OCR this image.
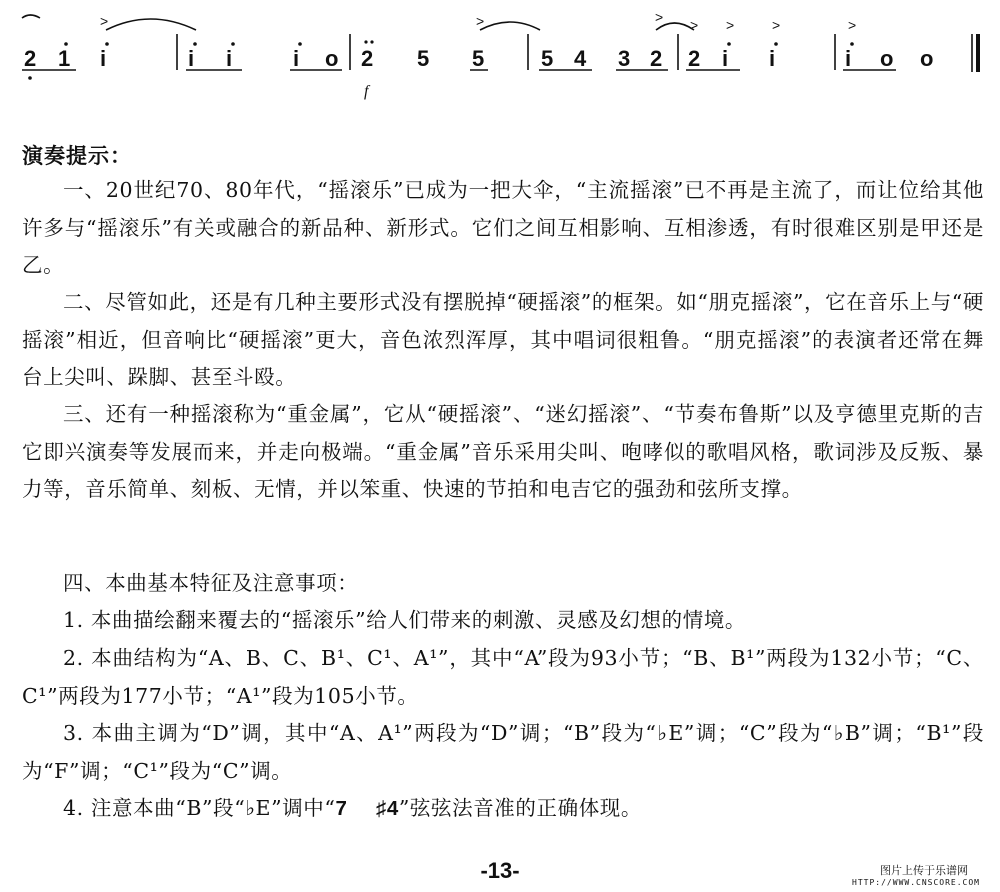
2 1 i	i i	i o 2 5 5	5 4 3 2 2 i i	i o o
>	>	> > >	>	>
f
演奏提示：

一、20世纪70、80年代，“摇滚乐”已成为一把大伞，“主流摇滚”已不再是主流了，而让位给其他许多与“摇滚乐”有关或融合的新品种、新形式。它们之间互相影响、互相渗透，有时很难区别是甲还是乙。

二、尽管如此，还是有几种主要形式没有摆脱掉“硬摇滚”的框架。如“朋克摇滚”，它在音乐上与“硬摇滚”相近，但音响比“硬摇滚”更大，音色浓烈浑厚，其中唱词很粗鲁。“朋克摇滚”的表演者还常在舞台上尖叫、跺脚、甚至斗殴。

三、还有一种摇滚称为“重金属”，它从“硬摇滚”、“迷幻摇滚”、“节奏布鲁斯”以及亨德里克斯的吉它即兴演奏等发展而来，并走向极端。“重金属”音乐采用尖叫、咆哮似的歌唱风格，歌词涉及反叛、暴力等，音乐简单、刻板、无情，并以笨重、快速的节拍和电吉它的强劲和弦所支撑。

四、本曲基本特征及注意事项：

1. 本曲描绘翻来覆去的“摇滚乐”给人们带来的刺激、灵感及幻想的情境。

2. 本曲结构为“A、B、C、B¹、C¹、A¹”，其中“A”段为93小节；“B、B¹”两段为132小节；“C、C¹”两段为177小节；“A¹”段为105小节。

3. 本曲主调为“D”调，其中“A、A¹”两段为“D”调；“B”段为“♭E”调；“C”段为“♭B”调；“B¹”段为“F”调；“C¹”段为“C”调。

4. 注意本曲“B”段“♭E”调中“7 ♯4”弦弦法音准的正确体现。

-13-	图片上传于乐谱网
HTTP://WWW.CNSCORE.COM
